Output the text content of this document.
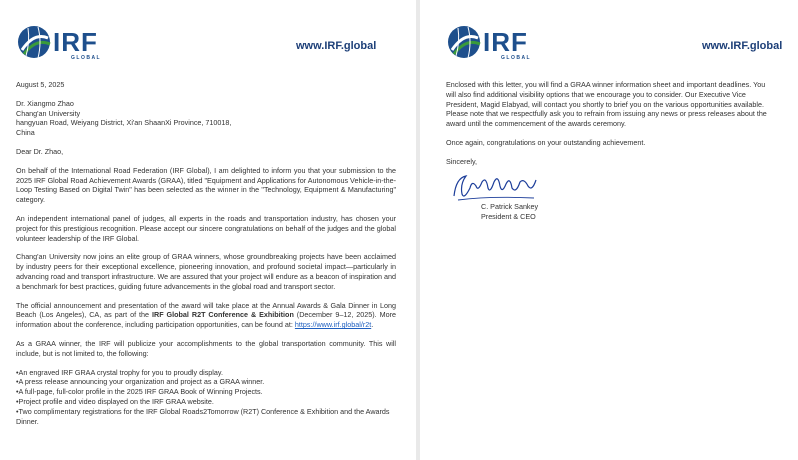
IRF
GLOBAL
www.IRF.global

August 5, 2025

Dr. Xiangmo Zhao

Chang'an University

hangyuan Road, Weiyang District, Xi'an ShaanXi Province, 710018,

China

Dear Dr. Zhao,

On behalf of the International Road Federation (IRF Global), I am delighted to inform you that your submission to the 2025 IRF Global Road Achievement Awards (GRAA), titled "Equipment and Applications for Autonomous Vehicle-in-the-Loop Testing Based on Digital Twin" has been selected as the winner in the "Technology, Equipment & Manufacturing" category.

An independent international panel of judges, all experts in the roads and transportation industry, has chosen your project for this prestigious recognition. Please accept our sincere congratulations on behalf of the judges and the global volunteer leadership of the IRF Global.

Chang'an University now joins an elite group of GRAA winners, whose groundbreaking projects have been acclaimed by industry peers for their exceptional excellence, pioneering innovation, and profound societal impact—particularly in advancing road and transport infrastructure. We are assured that your project will endure as a beacon of inspiration and a benchmark for best practices, guiding future advancements in the global road and transport sector.

The official announcement and presentation of the award will take place at the Annual Awards & Gala Dinner in Long Beach (Los Angeles), CA, as part of the IRF Global R2T Conference & Exhibition (December 9–12, 2025). More information about the conference, including participation opportunities, can be found at: https://www.irf.global/r2t.

As a GRAA winner, the IRF will publicize your accomplishments to the global transportation community. This will include, but is not limited to, the following:

• An engraved IRF GRAA crystal trophy for you to proudly display.
• A press release announcing your organization and project as a GRAA winner.
• A full-page, full-color profile in the 2025 IRF GRAA Book of Winning Projects.
• Project profile and video displayed on the IRF GRAA website.
• Two complimentary registrations for the IRF Global Roads2Tomorrow (R2T) Conference & Exhibition and the Awards Dinner.
IRF
GLOBAL
www.IRF.global

Enclosed with this letter, you will find a GRAA winner information sheet and important deadlines. You will also find additional visibility options that we encourage you to consider. Our Executive Vice President, Magid Elabyad, will contact you shortly to brief you on the various opportunities available. Please note that we respectfully ask you to refrain from issuing any news or press releases about the award until the commencement of the awards ceremony.

Once again, congratulations on your outstanding achievement.

Sincerely,

C. Patrick Sankey

President & CEO
